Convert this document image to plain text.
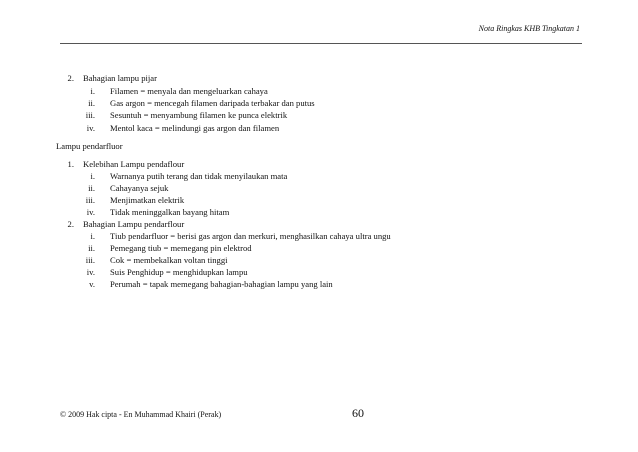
Nota Ringkas KHB Tingkatan 1
2. Bahagian lampu pijar
i. Filamen = menyala dan mengeluarkan cahaya
ii. Gas argon = mencegah filamen daripada terbakar dan putus
iii. Sesuntuh = menyambung filamen ke punca elektrik
iv. Mentol kaca = melindungi gas argon dan filamen
Lampu pendarfluor
1. Kelebihan Lampu pendaflour
i. Warnanya putih terang dan tidak menyilaukan mata
ii. Cahayanya sejuk
iii. Menjimatkan elektrik
iv. Tidak meninggalkan bayang hitam
2. Bahagian Lampu pendarflour
i. Tiub pendarfluor = berisi gas argon dan merkuri, menghasilkan cahaya ultra ungu
ii. Pemegang tiub = memegang pin elektrod
iii. Cok = membekalkan voltan tinggi
iv. Suis Penghidup = menghidupkan lampu
v. Perumah = tapak memegang bahagian-bahagian lampu yang lain
© 2009 Hak cipta - En Muhammad Khairi (Perak)	60
